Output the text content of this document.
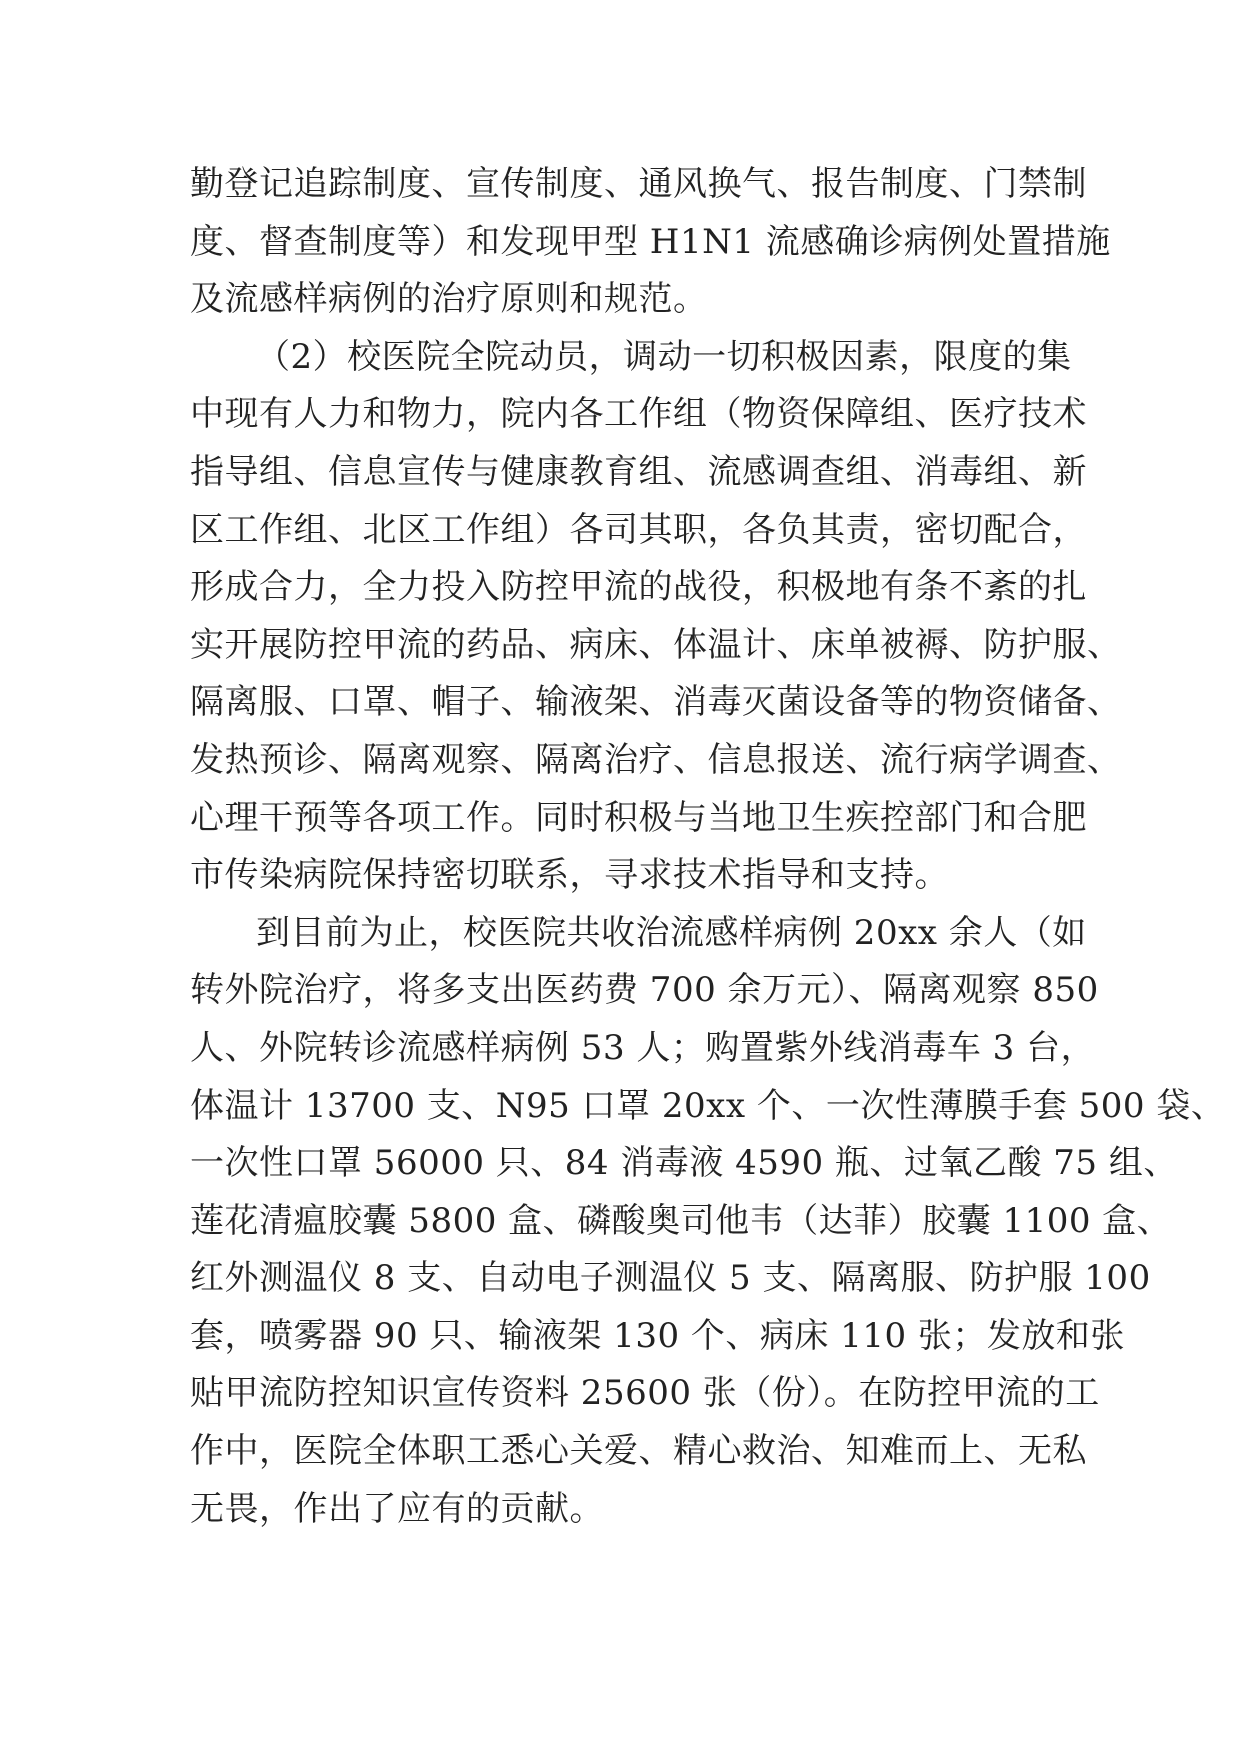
勤登记追踪制度、宣传制度、通风换气、报告制度、门禁制
度、督查制度等）和发现甲型 H1N1 流感确诊病例处置措施
及流感样病例的治疗原则和规范。
（2）校医院全院动员，调动一切积极因素，限度的集
中现有人力和物力，院内各工作组（物资保障组、医疗技术
指导组、信息宣传与健康教育组、流感调查组、消毒组、新
区工作组、北区工作组）各司其职，各负其责，密切配合，
形成合力，全力投入防控甲流的战役，积极地有条不紊的扎
实开展防控甲流的药品、病床、体温计、床单被褥、防护服、
隔离服、口罩、帽子、输液架、消毒灭菌设备等的物资储备、
发热预诊、隔离观察、隔离治疗、信息报送、流行病学调查、
心理干预等各项工作。同时积极与当地卫生疾控部门和合肥
市传染病院保持密切联系，寻求技术指导和支持。
到目前为止，校医院共收治流感样病例 20xx 余人（如
转外院治疗，将多支出医药费 700 余万元）、隔离观察 850
人、外院转诊流感样病例 53 人；购置紫外线消毒车 3 台，
体温计 13700 支、N95 口罩 20xx 个、一次性薄膜手套 500 袋、
一次性口罩 56000 只、84 消毒液 4590 瓶、过氧乙酸 75 组、
莲花清瘟胶囊 5800 盒、磷酸奥司他韦（达菲）胶囊 1100 盒、
红外测温仪 8 支、自动电子测温仪 5 支、隔离服、防护服 100
套，喷雾器 90 只、输液架 130 个、病床 110 张；发放和张
贴甲流防控知识宣传资料 25600 张（份）。在防控甲流的工
作中，医院全体职工悉心关爱、精心救治、知难而上、无私
无畏，作出了应有的贡献。
